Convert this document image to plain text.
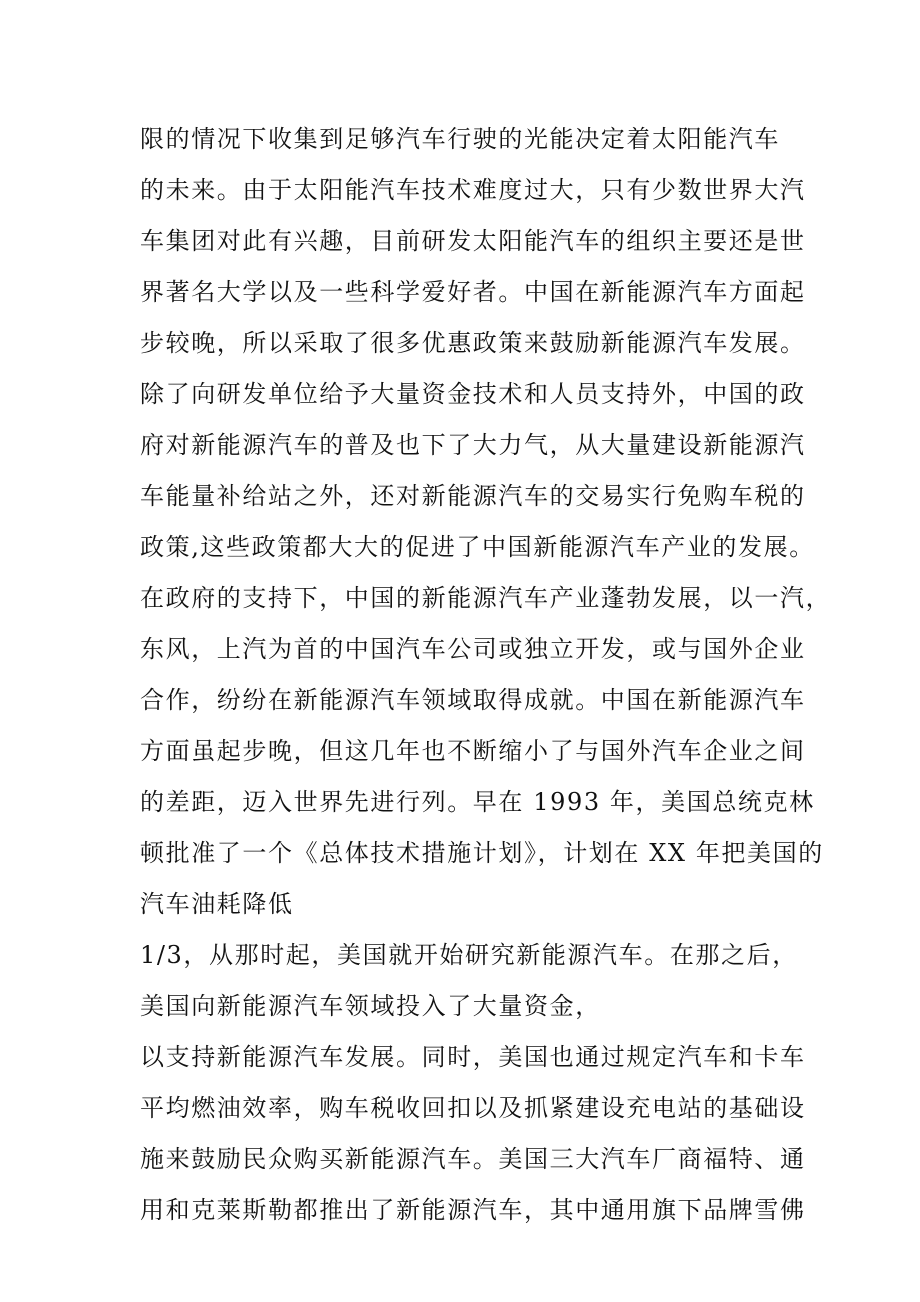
限的情况下收集到足够汽车行驶的光能决定着太阳能汽车
的未来。由于太阳能汽车技术难度过大，只有少数世界大汽
车集团对此有兴趣，目前研发太阳能汽车的组织主要还是世
界著名大学以及一些科学爱好者。中国在新能源汽车方面起
步较晚，所以采取了很多优惠政策来鼓励新能源汽车发展。
除了向研发单位给予大量资金技术和人员支持外，中国的政
府对新能源汽车的普及也下了大力气，从大量建设新能源汽
车能量补给站之外，还对新能源汽车的交易实行免购车税的
政策,这些政策都大大的促进了中国新能源汽车产业的发展。
在政府的支持下，中国的新能源汽车产业蓬勃发展，以一汽，
东风，上汽为首的中国汽车公司或独立开发，或与国外企业
合作，纷纷在新能源汽车领域取得成就。中国在新能源汽车
方面虽起步晚，但这几年也不断缩小了与国外汽车企业之间
的差距，迈入世界先进行列。早在 1993 年，美国总统克林
顿批准了一个《总体技术措施计划》，计划在 XX 年把美国的
汽车油耗降低
1/3，从那时起，美国就开始研究新能源汽车。在那之后，
美国向新能源汽车领域投入了大量资金，
以支持新能源汽车发展。同时，美国也通过规定汽车和卡车
平均燃油效率，购车税收回扣以及抓紧建设充电站的基础设
施来鼓励民众购买新能源汽车。美国三大汽车厂商福特、通
用和克莱斯勒都推出了新能源汽车，其中通用旗下品牌雪佛
